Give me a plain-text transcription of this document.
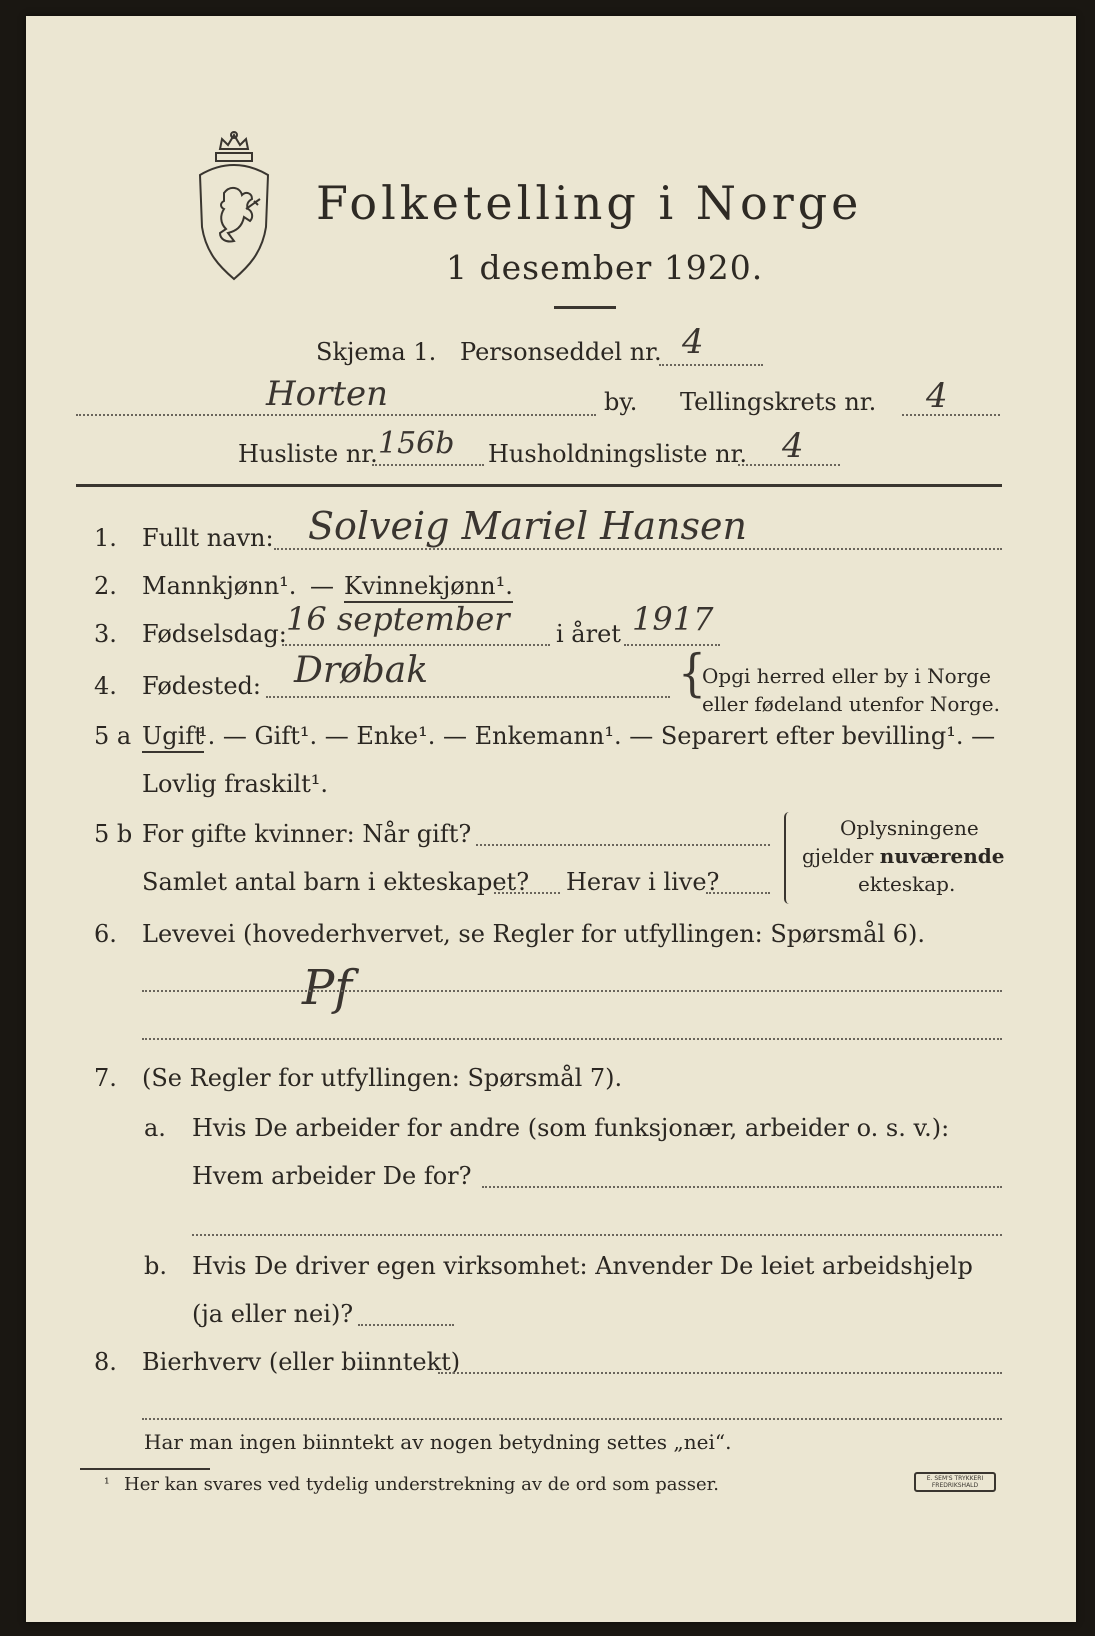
Folketelling i Norge
1 desember 1920.
Skjema 1. Personseddel nr. 4
Horten	by. Tellingskrets nr. 4
Husliste nr. 156b Husholdningsliste nr. 4
1. Fullt navn: Solveig Mariel Hansen
2. Mannkjønn¹. — Kvinnekjønn¹.
3. Fødselsdag: 16 september i året 1917
4. Fødested: Drøbak	{
Opgi herred eller by i Norge
eller fødeland utenfor Norge.
5 a Ugift
¹. — Gift¹. — Enke¹. — Enkemann¹. — Separert efter bevilling¹. —
Lovlig fraskilt¹.
5 b For gifte kvinner: Når gift?
Samlet antal barn i ekteskapet? Herav i live?
Oplysningene
gjelder nuværende
ekteskap.
6. Levevei (hovederhvervet, se Regler for utfyllingen: Spørsmål 6).
Pf
7. (Se Regler for utfyllingen: Spørsmål 7).
a. Hvis De arbeider for andre (som funksjonær, arbeider o. s. v.):
Hvem arbeider De for?
b. Hvis De driver egen virksomhet: Anvender De leiet arbeidshjelp
(ja eller nei)?
8. Bierhverv (eller biinntekt)
Har man ingen biinntekt av nogen betydning settes „nei“.
¹ Her kan svares ved tydelig understrekning av de ord som passer.	E. SEM'S TRYKKERI
FREDRIKSHALD
